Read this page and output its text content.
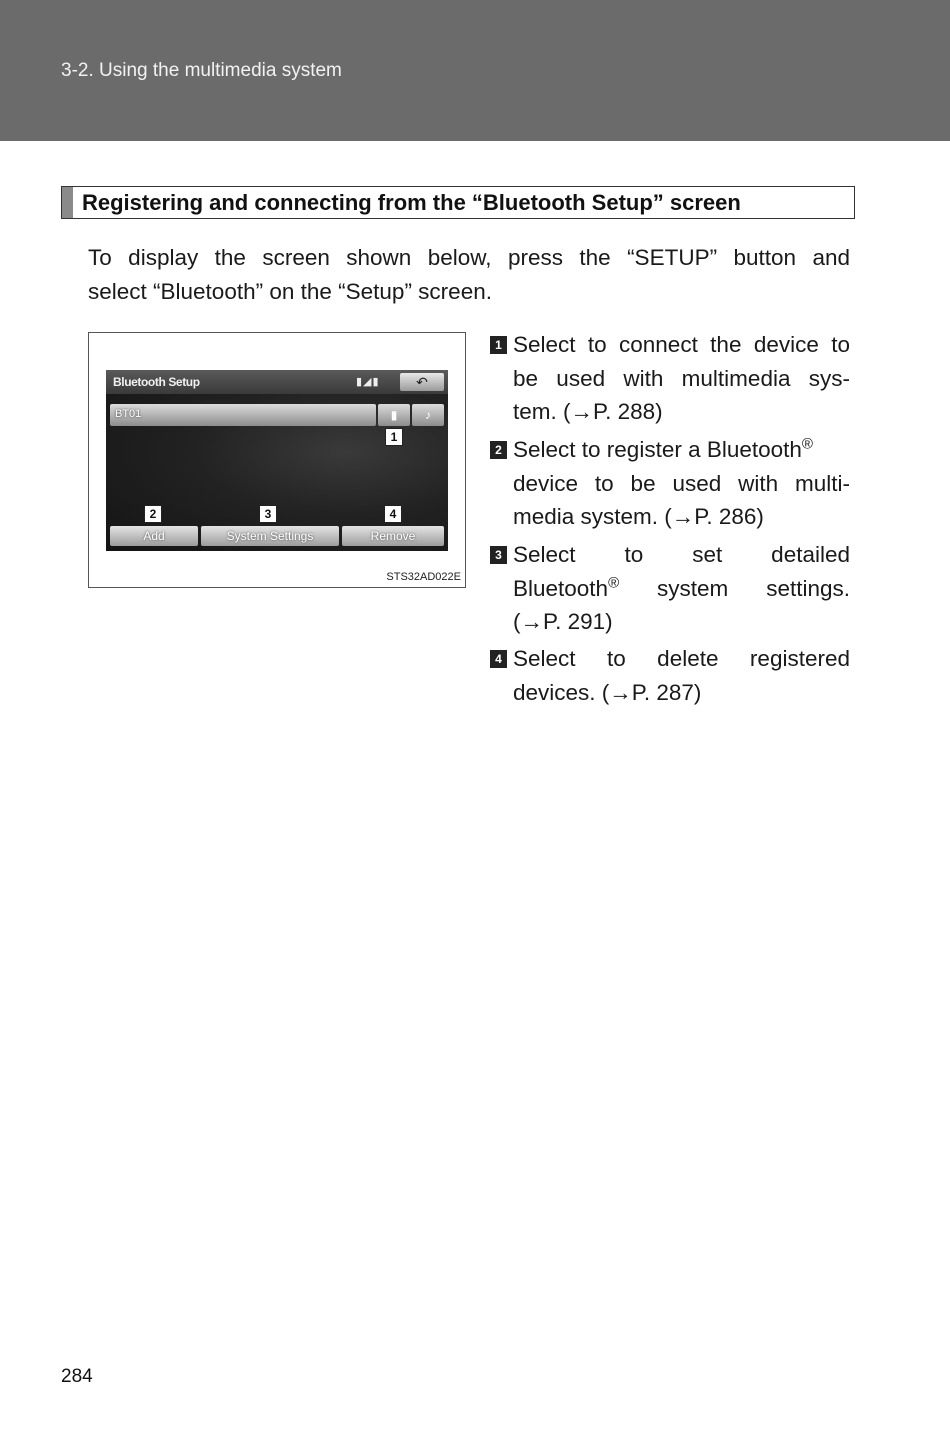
3-2. Using the multimedia system
Registering and connecting from the “Bluetooth Setup” screen
To display the screen shown below, press the “SETUP” button and
select “Bluetooth” on the “Setup” screen.
Bluetooth Setup	▮◢▮	↶
BT01	▮	♪
Add	System Settings	Remove
1
2	3	4
STS32AD022E
1 Select to connect the device to
be used with multimedia sys-
tem. (→P. 288)
2 Select to register a Bluetooth®
device to be used with multi-
media system. (→P. 286)
3 Select to set detailed
Bluetooth® system settings.
(→P. 291)
4 Select to delete registered
devices. (→P. 287)
284
